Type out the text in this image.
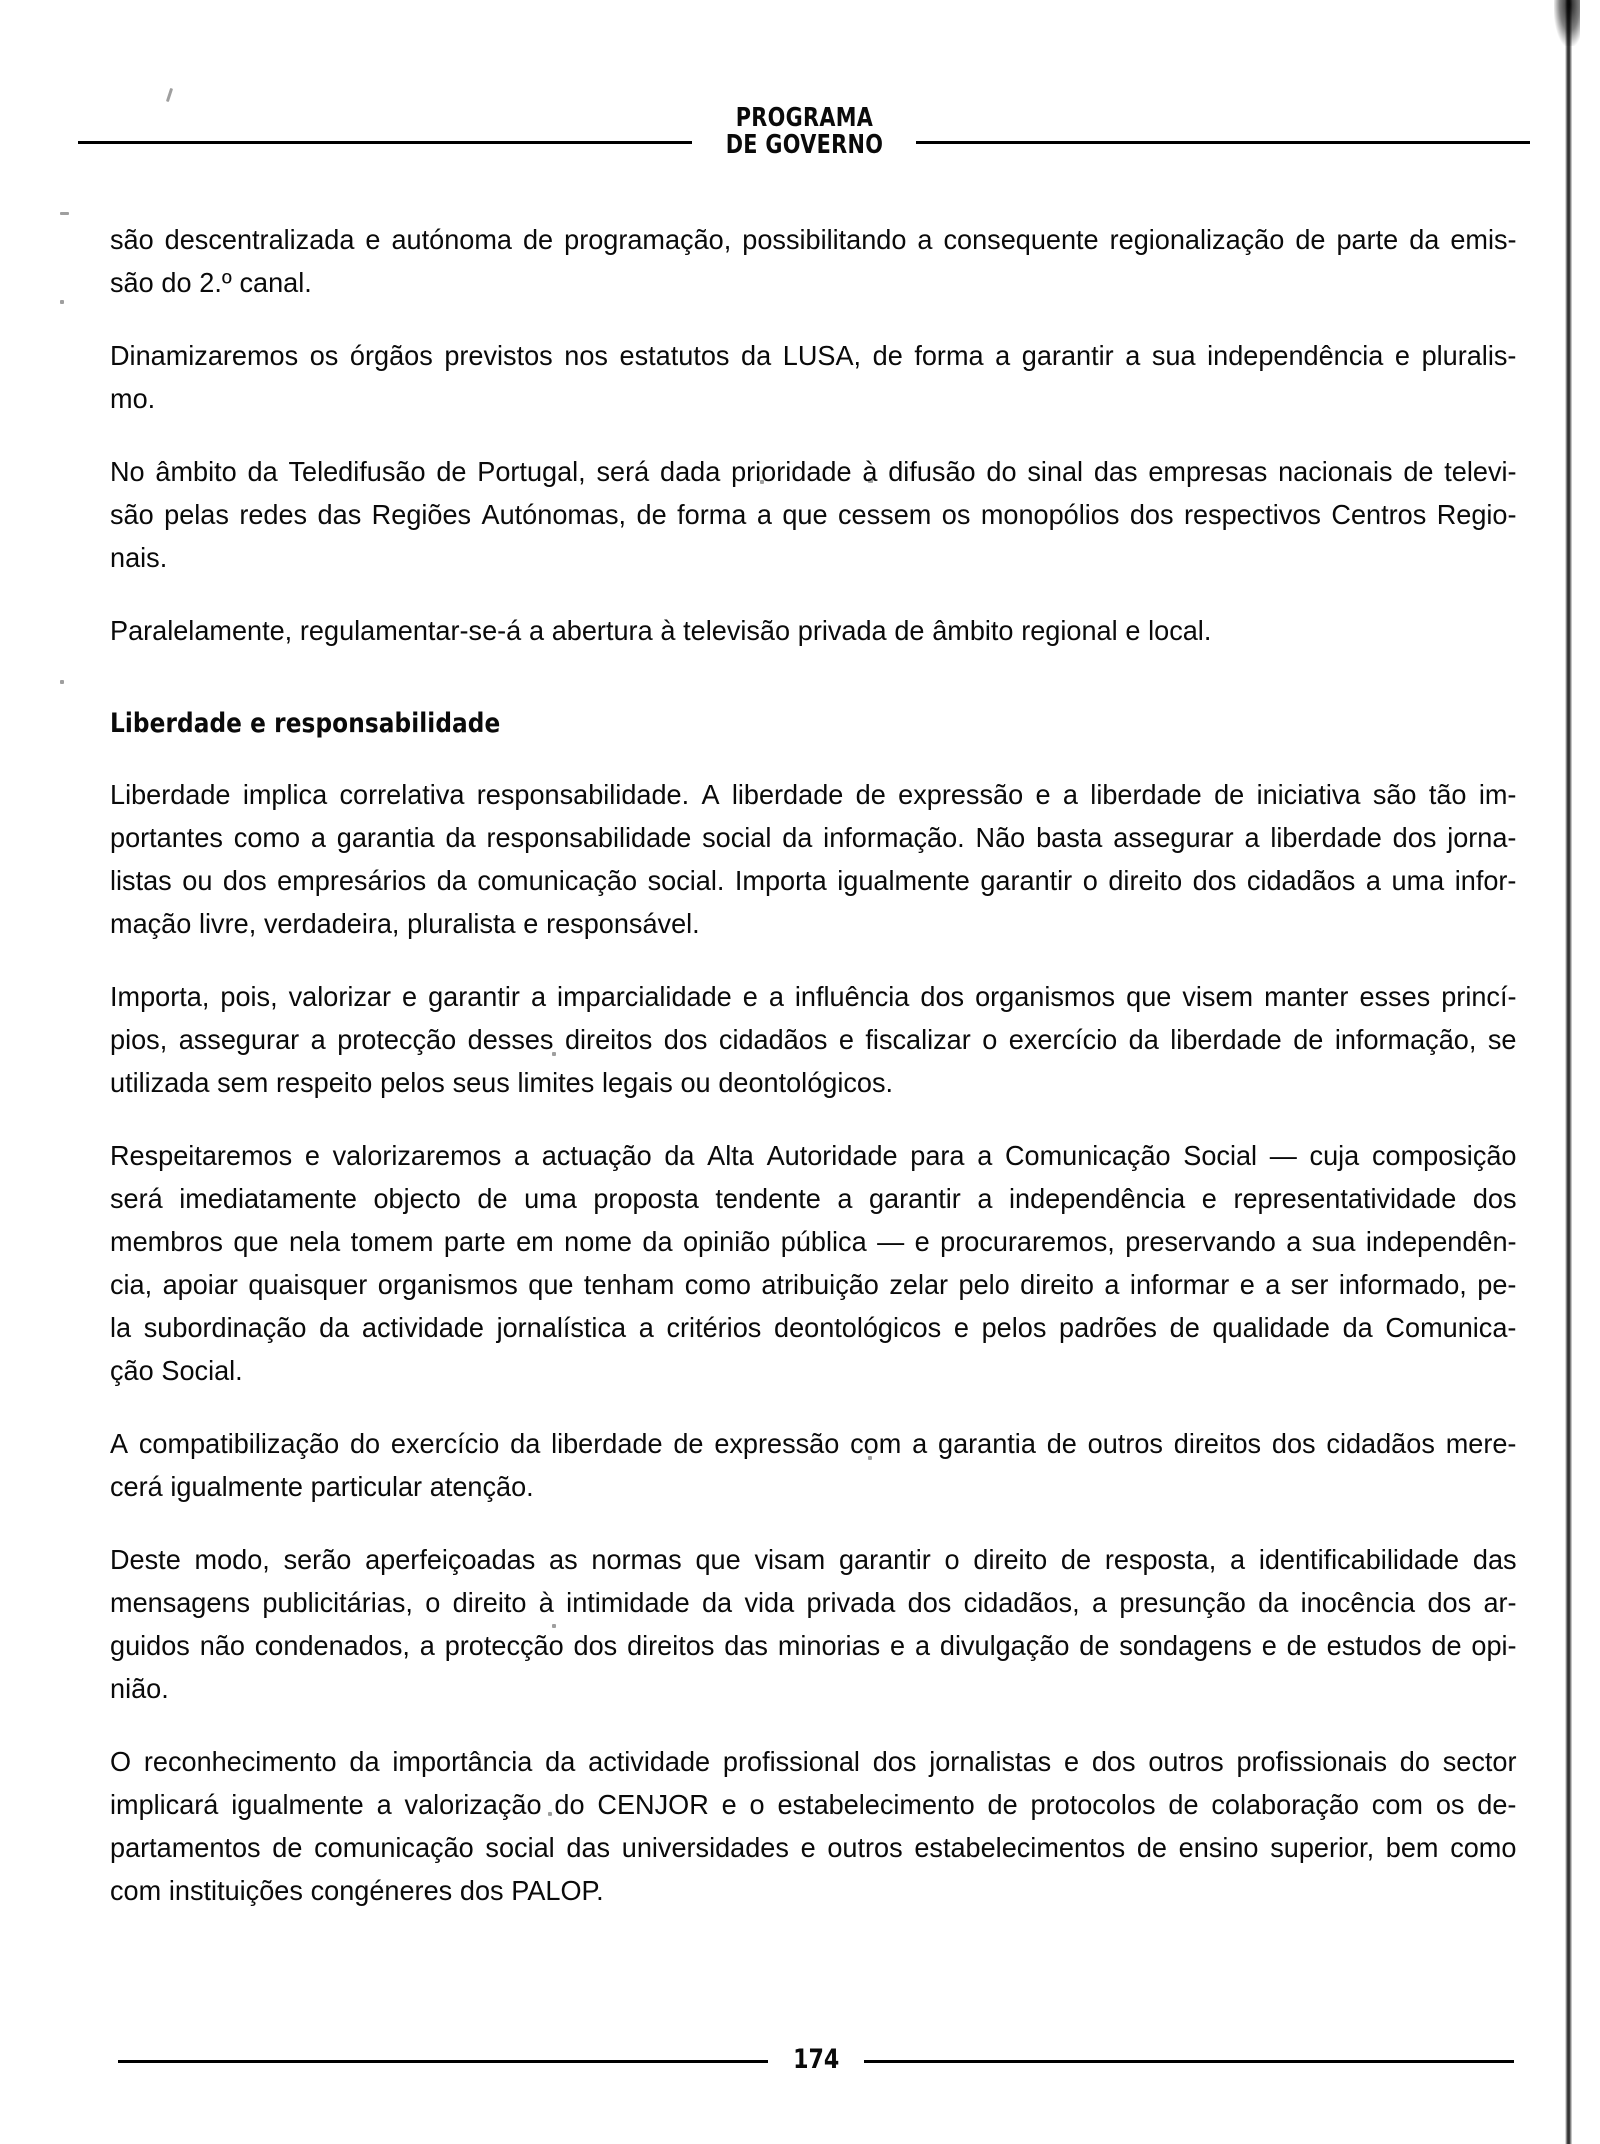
PROGRAMA
DE GOVERNO

são descentralizada e autónoma de programação, possibilitando a consequente regionalização de parte da emis-
são do 2.º canal.

Dinamizaremos os órgãos previstos nos estatutos da LUSA, de forma a garantir a sua independência e pluralis-
mo.

No âmbito da Teledifusão de Portugal, será dada prioridade à difusão do sinal das empresas nacionais de televi-
são pelas redes das Regiões Autónomas, de forma a que cessem os monopólios dos respectivos Centros Regio-
nais.

Paralelamente, regulamentar-se-á a abertura à televisão privada de âmbito regional e local.

Liberdade e responsabilidade

Liberdade implica correlativa responsabilidade. A liberdade de expressão e a liberdade de iniciativa são tão im-
portantes como a garantia da responsabilidade social da informação. Não basta assegurar a liberdade dos jorna-
listas ou dos empresários da comunicação social. Importa igualmente garantir o direito dos cidadãos a uma infor-
mação livre, verdadeira, pluralista e responsável.

Importa, pois, valorizar e garantir a imparcialidade e a influência dos organismos que visem manter esses princí-
pios, assegurar a protecção desses direitos dos cidadãos e fiscalizar o exercício da liberdade de informação, se
utilizada sem respeito pelos seus limites legais ou deontológicos.

Respeitaremos e valorizaremos a actuação da Alta Autoridade para a Comunicação Social — cuja composição
será imediatamente objecto de uma proposta tendente a garantir a independência e representatividade dos
membros que nela tomem parte em nome da opinião pública — e procuraremos, preservando a sua independên-
cia, apoiar quaisquer organismos que tenham como atribuição zelar pelo direito a informar e a ser informado, pe-
la subordinação da actividade jornalística a critérios deontológicos e pelos padrões de qualidade da Comunica-
ção Social.

A compatibilização do exercício da liberdade de expressão com a garantia de outros direitos dos cidadãos mere-
cerá igualmente particular atenção.

Deste modo, serão aperfeiçoadas as normas que visam garantir o direito de resposta, a identificabilidade das
mensagens publicitárias, o direito à intimidade da vida privada dos cidadãos, a presunção da inocência dos ar-
guidos não condenados, a protecção dos direitos das minorias e a divulgação de sondagens e de estudos de opi-
nião.

O reconhecimento da importância da actividade profissional dos jornalistas e dos outros profissionais do sector
implicará igualmente a valorização do CENJOR e o estabelecimento de protocolos de colaboração com os de-
partamentos de comunicação social das universidades e outros estabelecimentos de ensino superior, bem como
com instituições congéneres dos PALOP.

174
